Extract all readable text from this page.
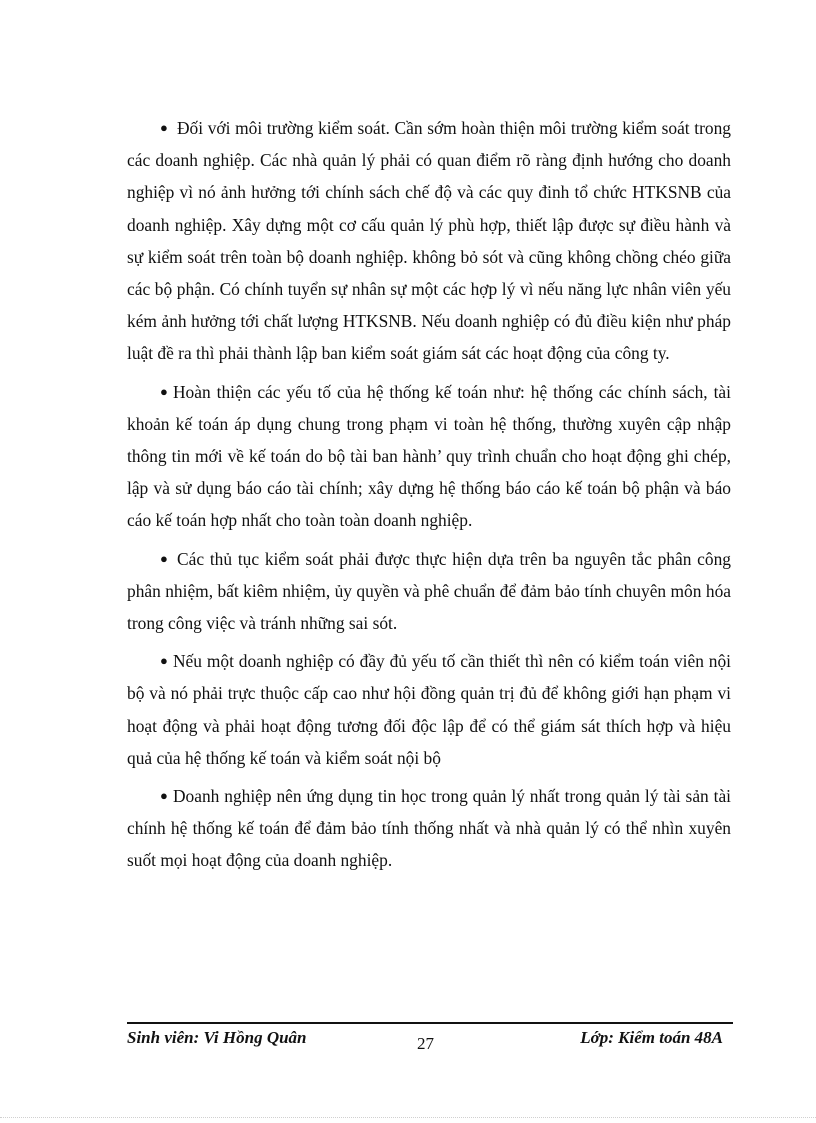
● Đối với môi trường kiểm soát. Cần sớm hoàn thiện môi trường kiểm soát trong các doanh nghiệp. Các nhà quản lý phải có quan điểm rõ ràng định hướng cho doanh nghiệp vì nó ảnh hưởng tới chính sách chế độ và các quy đinh tổ chức HTKSNB của doanh nghiệp. Xây dựng một cơ cấu quản lý phù hợp, thiết lập được sự điều hành và sự kiểm soát trên toàn bộ doanh nghiệp. không bỏ sót và cũng không chồng chéo giữa các bộ phận. Có chính tuyển sự nhân sự một các hợp lý vì nếu năng lực nhân viên yếu kém ảnh hưởng tới chất lượng HTKSNB. Nếu doanh nghiệp có đủ điều kiện như pháp luật đề ra thì phải thành lập ban kiểm soát giám sát các hoạt động của công ty.

● Hoàn thiện các yếu tố của hệ thống kế toán như: hệ thống các chính sách, tài khoản kế toán áp dụng chung trong phạm vi toàn hệ thống, thường xuyên cập nhập thông tin mới về kế toán do bộ tài ban hành’ quy trình chuẩn cho hoạt động ghi chép, lập và sử dụng báo cáo tài chính; xây dựng hệ thống báo cáo kế toán bộ phận và báo cáo kế toán hợp nhất cho toàn toàn doanh nghiệp.

● Các thủ tục kiểm soát phải được thực hiện dựa trên ba nguyên tắc phân công phân nhiệm, bất kiêm nhiệm, ủy quyền và phê chuẩn để đảm bảo tính chuyên môn hóa trong công việc và tránh những sai sót.

● Nếu một doanh nghiệp có đầy đủ yếu tố cần thiết thì nên có kiểm toán viên nội bộ và nó phải trực thuộc cấp cao như hội đồng quản trị đủ để không giới hạn phạm vi hoạt động và phải hoạt động tương đối độc lập để có thể giám sát thích hợp và hiệu quả của hệ thống kế toán và kiểm soát nội bộ

● Doanh nghiệp nên ứng dụng tin học trong quản lý nhất trong quản lý tài sản tài chính hệ thống kế toán để đảm bảo tính thống nhất và nhà quản lý có thể nhìn xuyên suốt mọi hoạt động của doanh nghiệp.

Sinh viên: Vi Hồng Quân	27	Lớp: Kiểm toán 48A
